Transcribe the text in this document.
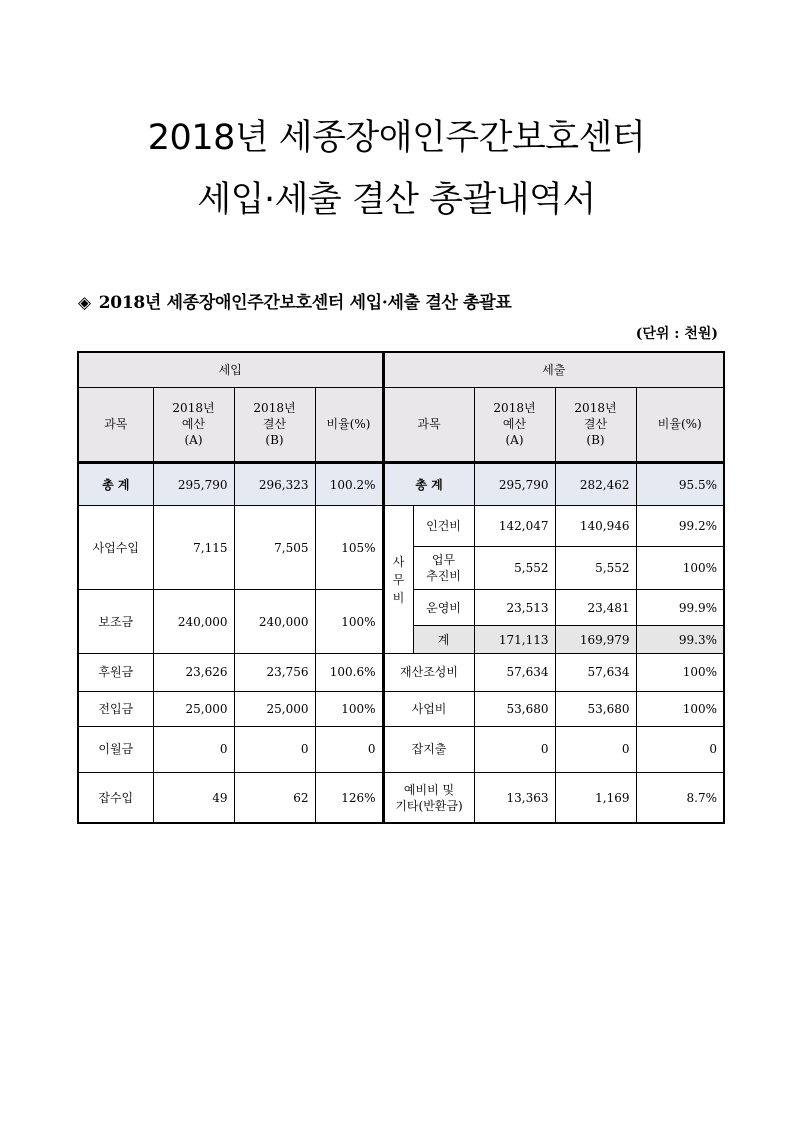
2018년 세종장애인주간보호센터
세입·세출 결산 총괄내역서
◈ 2018년 세종장애인주간보호센터 세입·세출 결산 총괄표
(단위 : 천원)
세입				세출				
과목	2018년
예산
(A)	2018년
결산
(B)	비율(%)	과목		2018년
예산
(A)	2018년
결산
(B)	비율(%)
총 계	295,790	296,323	100.2%	총 계		295,790	282,462	95.5%
사업수입	7,115	7,505	105%	사
무
비	인건비	142,047	140,946	99.2%
					업무
추진비	5,552	5,552	100%
보조금	240,000	240,000	100%		운영비	23,513	23,481	99.9%
					계	171,113	169,979	99.3%
후원금	23,626	23,756	100.6%	재산조성비		57,634	57,634	100%

전입금	25,000	25,000	100%	사업비		53,680	53,680	100%
이월금	0	0	0	잡지출		0	0	0
잡수입	49	62	126%	예비비 및
기타(반환금)		13,363	1,169	8.7%
